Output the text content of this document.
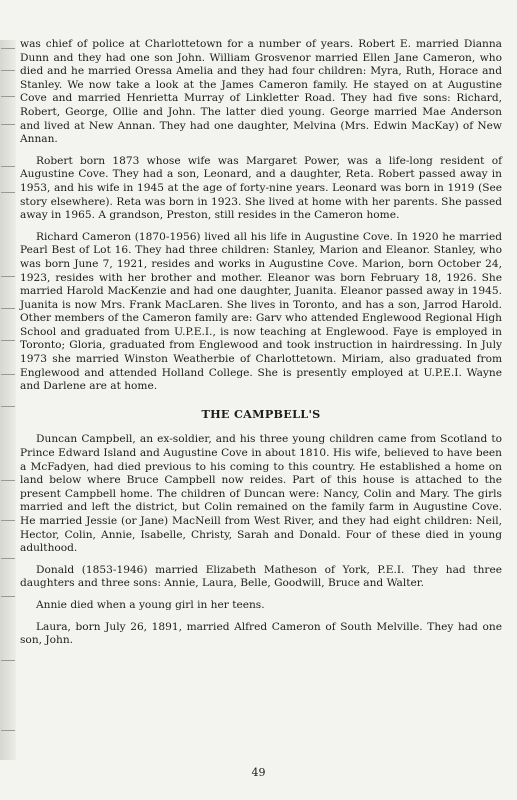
was chief of police at Charlottetown for a number of years. Robert E. married Dianna Dunn and they had one son John. William Grosvenor married Ellen Jane Cameron, who died and he married Oressa Amelia and they had four children: Myra, Ruth, Horace and Stanley. We now take a look at the James Cameron family. He stayed on at Augustine Cove and married Henrietta Murray of Linkletter Road. They had five sons: Richard, Robert, George, Ollie and John. The latter died young. George married Mae Anderson and lived at New Annan. They had one daughter, Melvina (Mrs. Edwin MacKay) of New Annan.

Robert born 1873 whose wife was Margaret Power, was a life-long resident of Augustine Cove. They had a son, Leonard, and a daughter, Reta. Robert passed away in 1953, and his wife in 1945 at the age of forty-nine years. Leonard was born in 1919 (See story elsewhere). Reta was born in 1923. She lived at home with her parents. She passed away in 1965. A grandson, Preston, still resides in the Cameron home.

Richard Cameron (1870-1956) lived all his life in Augustine Cove. In 1920 he married Pearl Best of Lot 16. They had three children: Stanley, Marion and Eleanor. Stanley, who was born June 7, 1921, resides and works in Augustine Cove. Marion, born October 24, 1923, resides with her brother and mother. Eleanor was born February 18, 1926. She married Harold MacKenzie and had one daughter, Juanita. Eleanor passed away in 1945. Juanita is now Mrs. Frank MacLaren. She lives in Toronto, and has a son, Jarrod Harold. Other members of the Cameron family are: Garv who attended Englewood Regional High School and graduated from U.P.E.I., is now teaching at Englewood. Faye is employed in Toronto; Gloria, graduated from Englewood and took instruction in hairdressing. In July 1973 she married Winston Weatherbie of Charlottetown. Miriam, also graduated from Englewood and attended Holland College. She is presently employed at U.P.E.I. Wayne and Darlene are at home.

THE CAMPBELL'S

Duncan Campbell, an ex-soldier, and his three young children came from Scotland to Prince Edward Island and Augustine Cove in about 1810. His wife, believed to have been a McFadyen, had died previous to his coming to this country. He established a home on land below where Bruce Campbell now reides. Part of this house is attached to the present Campbell home. The children of Duncan were: Nancy, Colin and Mary. The girls married and left the district, but Colin remained on the family farm in Augustine Cove. He married Jessie (or Jane) MacNeill from West River, and they had eight children: Neil, Hector, Colin, Annie, Isabelle, Christy, Sarah and Donald. Four of these died in young adulthood.

Donald (1853-1946) married Elizabeth Matheson of York, P.E.I. They had three daughters and three sons: Annie, Laura, Belle, Goodwill, Bruce and Walter.

Annie died when a young girl in her teens.

Laura, born July 26, 1891, married Alfred Cameron of South Melville. They had one son, John.

49
